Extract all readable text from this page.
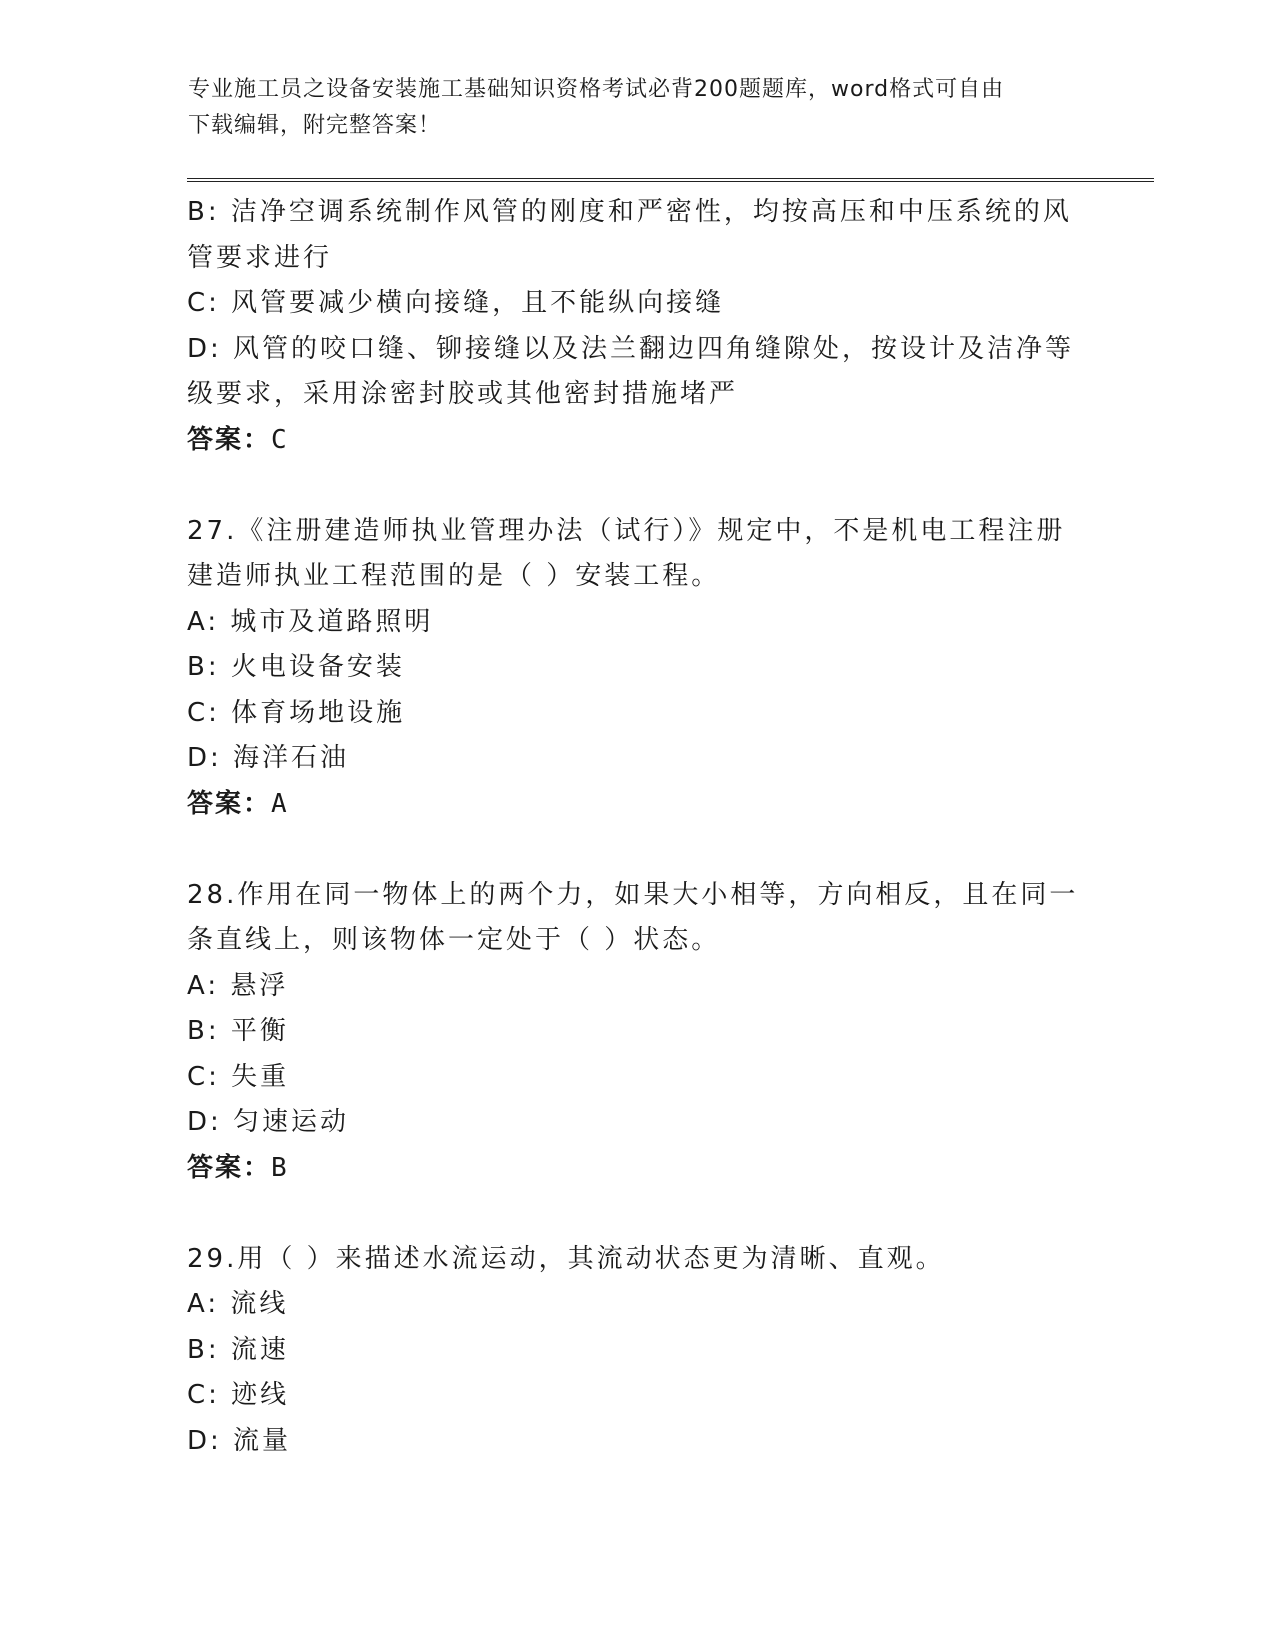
专业施工员之设备安装施工基础知识资格考试必背200题题库，word格式可自由
下载编辑，附完整答案！
B: 洁净空调系统制作风管的刚度和严密性，均按高压和中压系统的风
管要求进行
C: 风管要减少横向接缝，且不能纵向接缝
D: 风管的咬口缝、铆接缝以及法兰翻边四角缝隙处，按设计及洁净等
级要求，采用涂密封胶或其他密封措施堵严
答案：C
27.《注册建造师执业管理办法（试行）》规定中，不是机电工程注册
建造师执业工程范围的是（ ）安装工程。
A: 城市及道路照明
B: 火电设备安装
C: 体育场地设施
D: 海洋石油
答案：A
28.作用在同一物体上的两个力，如果大小相等，方向相反，且在同一
条直线上，则该物体一定处于（ ）状态。
A: 悬浮
B: 平衡
C: 失重
D: 匀速运动
答案：B
29.用（ ）来描述水流运动，其流动状态更为清晰、直观。
A: 流线
B: 流速
C: 迹线
D: 流量
